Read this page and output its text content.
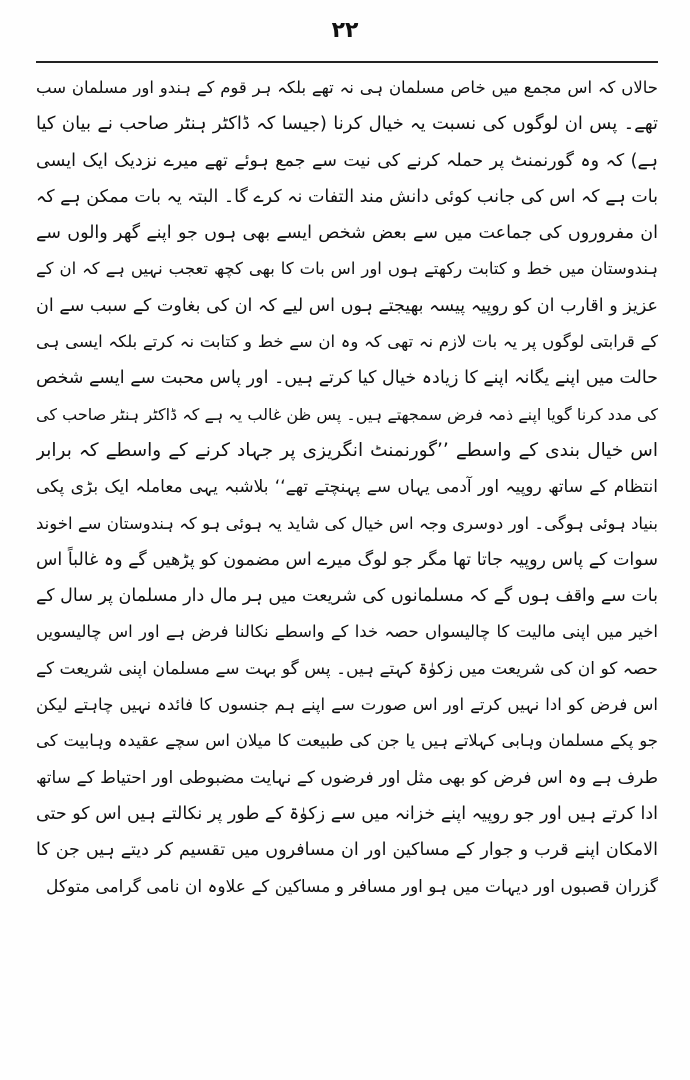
۲۲
حالاں کہ اس مجمع میں خاص مسلمان ہی نہ تھے بلکہ ہر قوم کے ہندو اور مسلمان سب
تھے۔ پس ان لوگوں کی نسبت یہ خیال کرنا (جیسا کہ ڈاکٹر ہنٹر صاحب نے بیان کیا
ہے) کہ وہ گورنمنٹ پر حملہ کرنے کی نیت سے جمع ہوئے تھے میرے نزدیک ایک ایسی
بات ہے کہ اس کی جانب کوئی دانش مند التفات نہ کرے گا۔ البتہ یہ بات ممکن ہے کہ
ان مفروروں کی جماعت میں سے بعض شخص ایسے بھی ہوں جو اپنے گھر والوں سے
ہندوستان میں خط و کتابت رکھتے ہوں اور اس بات کا بھی کچھ تعجب نہیں ہے کہ ان کے
عزیز و اقارب ان کو روپیہ پیسہ بھیجتے ہوں اس لیے کہ ان کی بغاوت کے سبب سے ان
کے قرابتی لوگوں پر یہ بات لازم نہ تھی کہ وہ ان سے خط و کتابت نہ کرتے بلکہ ایسی ہی
حالت میں اپنے یگانہ اپنے کا زیادہ خیال کیا کرتے ہیں۔ اور پاس محبت سے ایسے شخص
کی مدد کرنا گویا اپنے ذمہ فرض سمجھتے ہیں۔ پس ظن غالب یہ ہے کہ ڈاکٹر ہنٹر صاحب کی
اس خیال بندی کے واسطے ’’گورنمنٹ انگریزی پر جہاد کرنے کے واسطے کہ برابر
انتظام کے ساتھ روپیہ اور آدمی یہاں سے پہنچتے تھے‘‘ بلاشبہ یہی معاملہ ایک بڑی پکی
بنیاد ہوئی ہوگی۔ اور دوسری وجہ اس خیال کی شاید یہ ہوئی ہو کہ ہندوستان سے اخوند
سوات کے پاس روپیہ جاتا تھا مگر جو لوگ میرے اس مضمون کو پڑھیں گے وہ غالباً اس
بات سے واقف ہوں گے کہ مسلمانوں کی شریعت میں ہر مال دار مسلمان پر سال کے
اخیر میں اپنی مالیت کا چالیسواں حصہ خدا کے واسطے نکالنا فرض ہے اور اس چالیسویں
حصہ کو ان کی شریعت میں زکوٰۃ کہتے ہیں۔ پس گو بہت سے مسلمان اپنی شریعت کے
اس فرض کو ادا نہیں کرتے اور اس صورت سے اپنے ہم جنسوں کا فائدہ نہیں چاہتے لیکن
جو پکے مسلمان وہابی کہلاتے ہیں یا جن کی طبیعت کا میلان اس سچے عقیدہ وہابیت کی
طرف ہے وہ اس فرض کو بھی مثل اور فرضوں کے نہایت مضبوطی اور احتیاط کے ساتھ
ادا کرتے ہیں اور جو روپیہ اپنے خزانہ میں سے زکوٰۃ کے طور پر نکالتے ہیں اس کو حتی
الامکان اپنے قرب و جوار کے مساکین اور ان مسافروں میں تقسیم کر دیتے ہیں جن کا
گزران قصبوں اور دیہات میں ہو اور مسافر و مساکین کے علاوہ ان نامی گرامی متوکل
